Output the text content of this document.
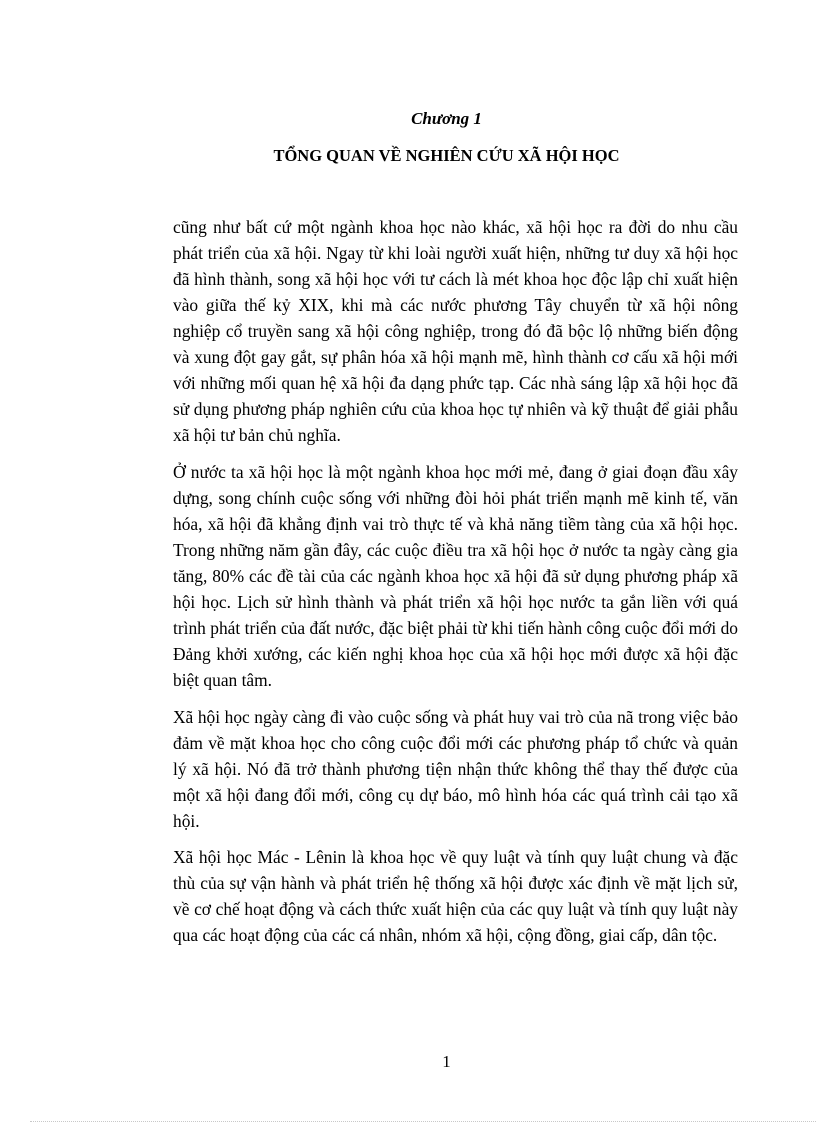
Chương 1
TỔNG QUAN VỀ NGHIÊN CỨU XÃ HỘI HỌC

cũng như bất cứ một ngành khoa học nào khác, xã hội học ra đời do nhu cầu phát triển của xã hội. Ngay từ khi loài người xuất hiện, những tư duy xã hội học đã hình thành, song xã hội học với tư cách là mét khoa học độc lập chỉ xuất hiện vào giữa thế kỷ XIX, khi mà các nước phương Tây chuyển từ xã hội nông nghiệp cổ truyền sang xã hội công nghiệp, trong đó đã bộc lộ những biến động và xung đột gay gắt, sự phân hóa xã hội mạnh mẽ, hình thành cơ cấu xã hội mới với những mối quan hệ xã hội đa dạng phức tạp. Các nhà sáng lập xã hội học đã sử dụng phương pháp nghiên cứu của khoa học tự nhiên và kỹ thuật để giải phẫu xã hội tư bản chủ nghĩa.

Ở nước ta xã hội học là một ngành khoa học mới mẻ, đang ở giai đoạn đầu xây dựng, song chính cuộc sống với những đòi hỏi phát triển mạnh mẽ kinh tế, văn hóa, xã hội đã khẳng định vai trò thực tế và khả năng tiềm tàng của xã hội học. Trong những năm gần đây, các cuộc điều tra xã hội học ở nước ta ngày càng gia tăng, 80% các đề tài của các ngành khoa học xã hội đã sử dụng phương pháp xã hội học. Lịch sử hình thành và phát triển xã hội học nước ta gắn liền với quá trình phát triển của đất nước, đặc biệt phải từ khi tiến hành công cuộc đổi mới do Đảng khởi xướng, các kiến nghị khoa học của xã hội học mới được xã hội đặc biệt quan tâm.

Xã hội học ngày càng đi vào cuộc sống và phát huy vai trò của nã trong việc bảo đảm về mặt khoa học cho công cuộc đổi mới các phương pháp tổ chức và quản lý xã hội. Nó đã trở thành phương tiện nhận thức không thể thay thế được của một xã hội đang đổi mới, công cụ dự báo, mô hình hóa các quá trình cải tạo xã hội.

Xã hội học Mác - Lênin là khoa học về quy luật và tính quy luật chung và đặc thù của sự vận hành và phát triển hệ thống xã hội được xác định về mặt lịch sử, về cơ chế hoạt động và cách thức xuất hiện của các quy luật và tính quy luật này qua các hoạt động của các cá nhân, nhóm xã hội, cộng đồng, giai cấp, dân tộc.

1
